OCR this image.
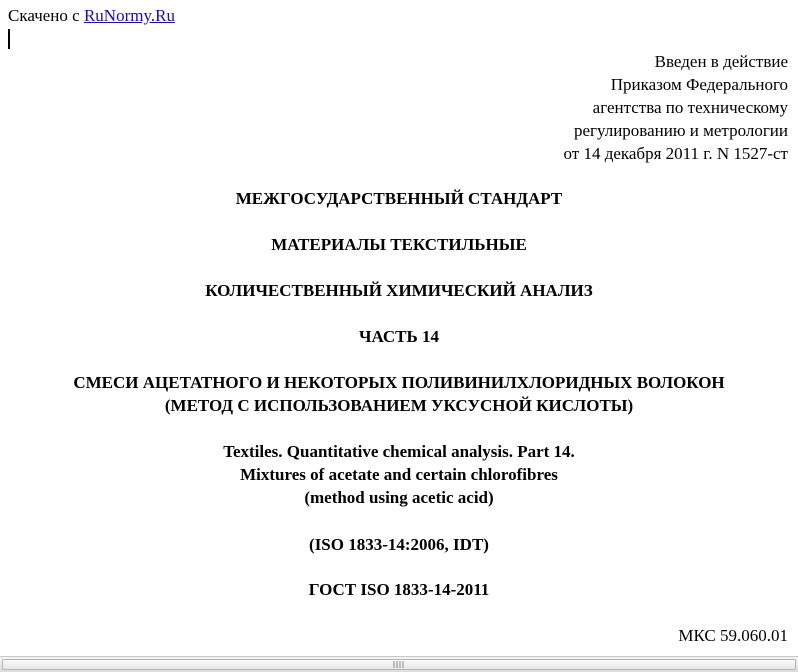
Скачено с RuNormy.Ru
Введен в действие
Приказом Федерального
агентства по техническому
регулированию и метрологии
от 14 декабря 2011 г. N 1527-ст
МЕЖГОСУДАРСТВЕННЫЙ СТАНДАРТ
МАТЕРИАЛЫ ТЕКСТИЛЬНЫЕ
КОЛИЧЕСТВЕННЫЙ ХИМИЧЕСКИЙ АНАЛИЗ
ЧАСТЬ 14
СМЕСИ АЦЕТАТНОГО И НЕКОТОРЫХ ПОЛИВИНИЛХЛОРИДНЫХ ВОЛОКОН
(МЕТОД С ИСПОЛЬЗОВАНИЕМ УКСУСНОЙ КИСЛОТЫ)
Textiles. Quantitative chemical analysis. Part 14.
Mixtures of acetate and certain chlorofibres
(method using acetic acid)
(ISO 1833-14:2006, IDT)
ГОСТ ISO 1833-14-2011
МКС 59.060.01
